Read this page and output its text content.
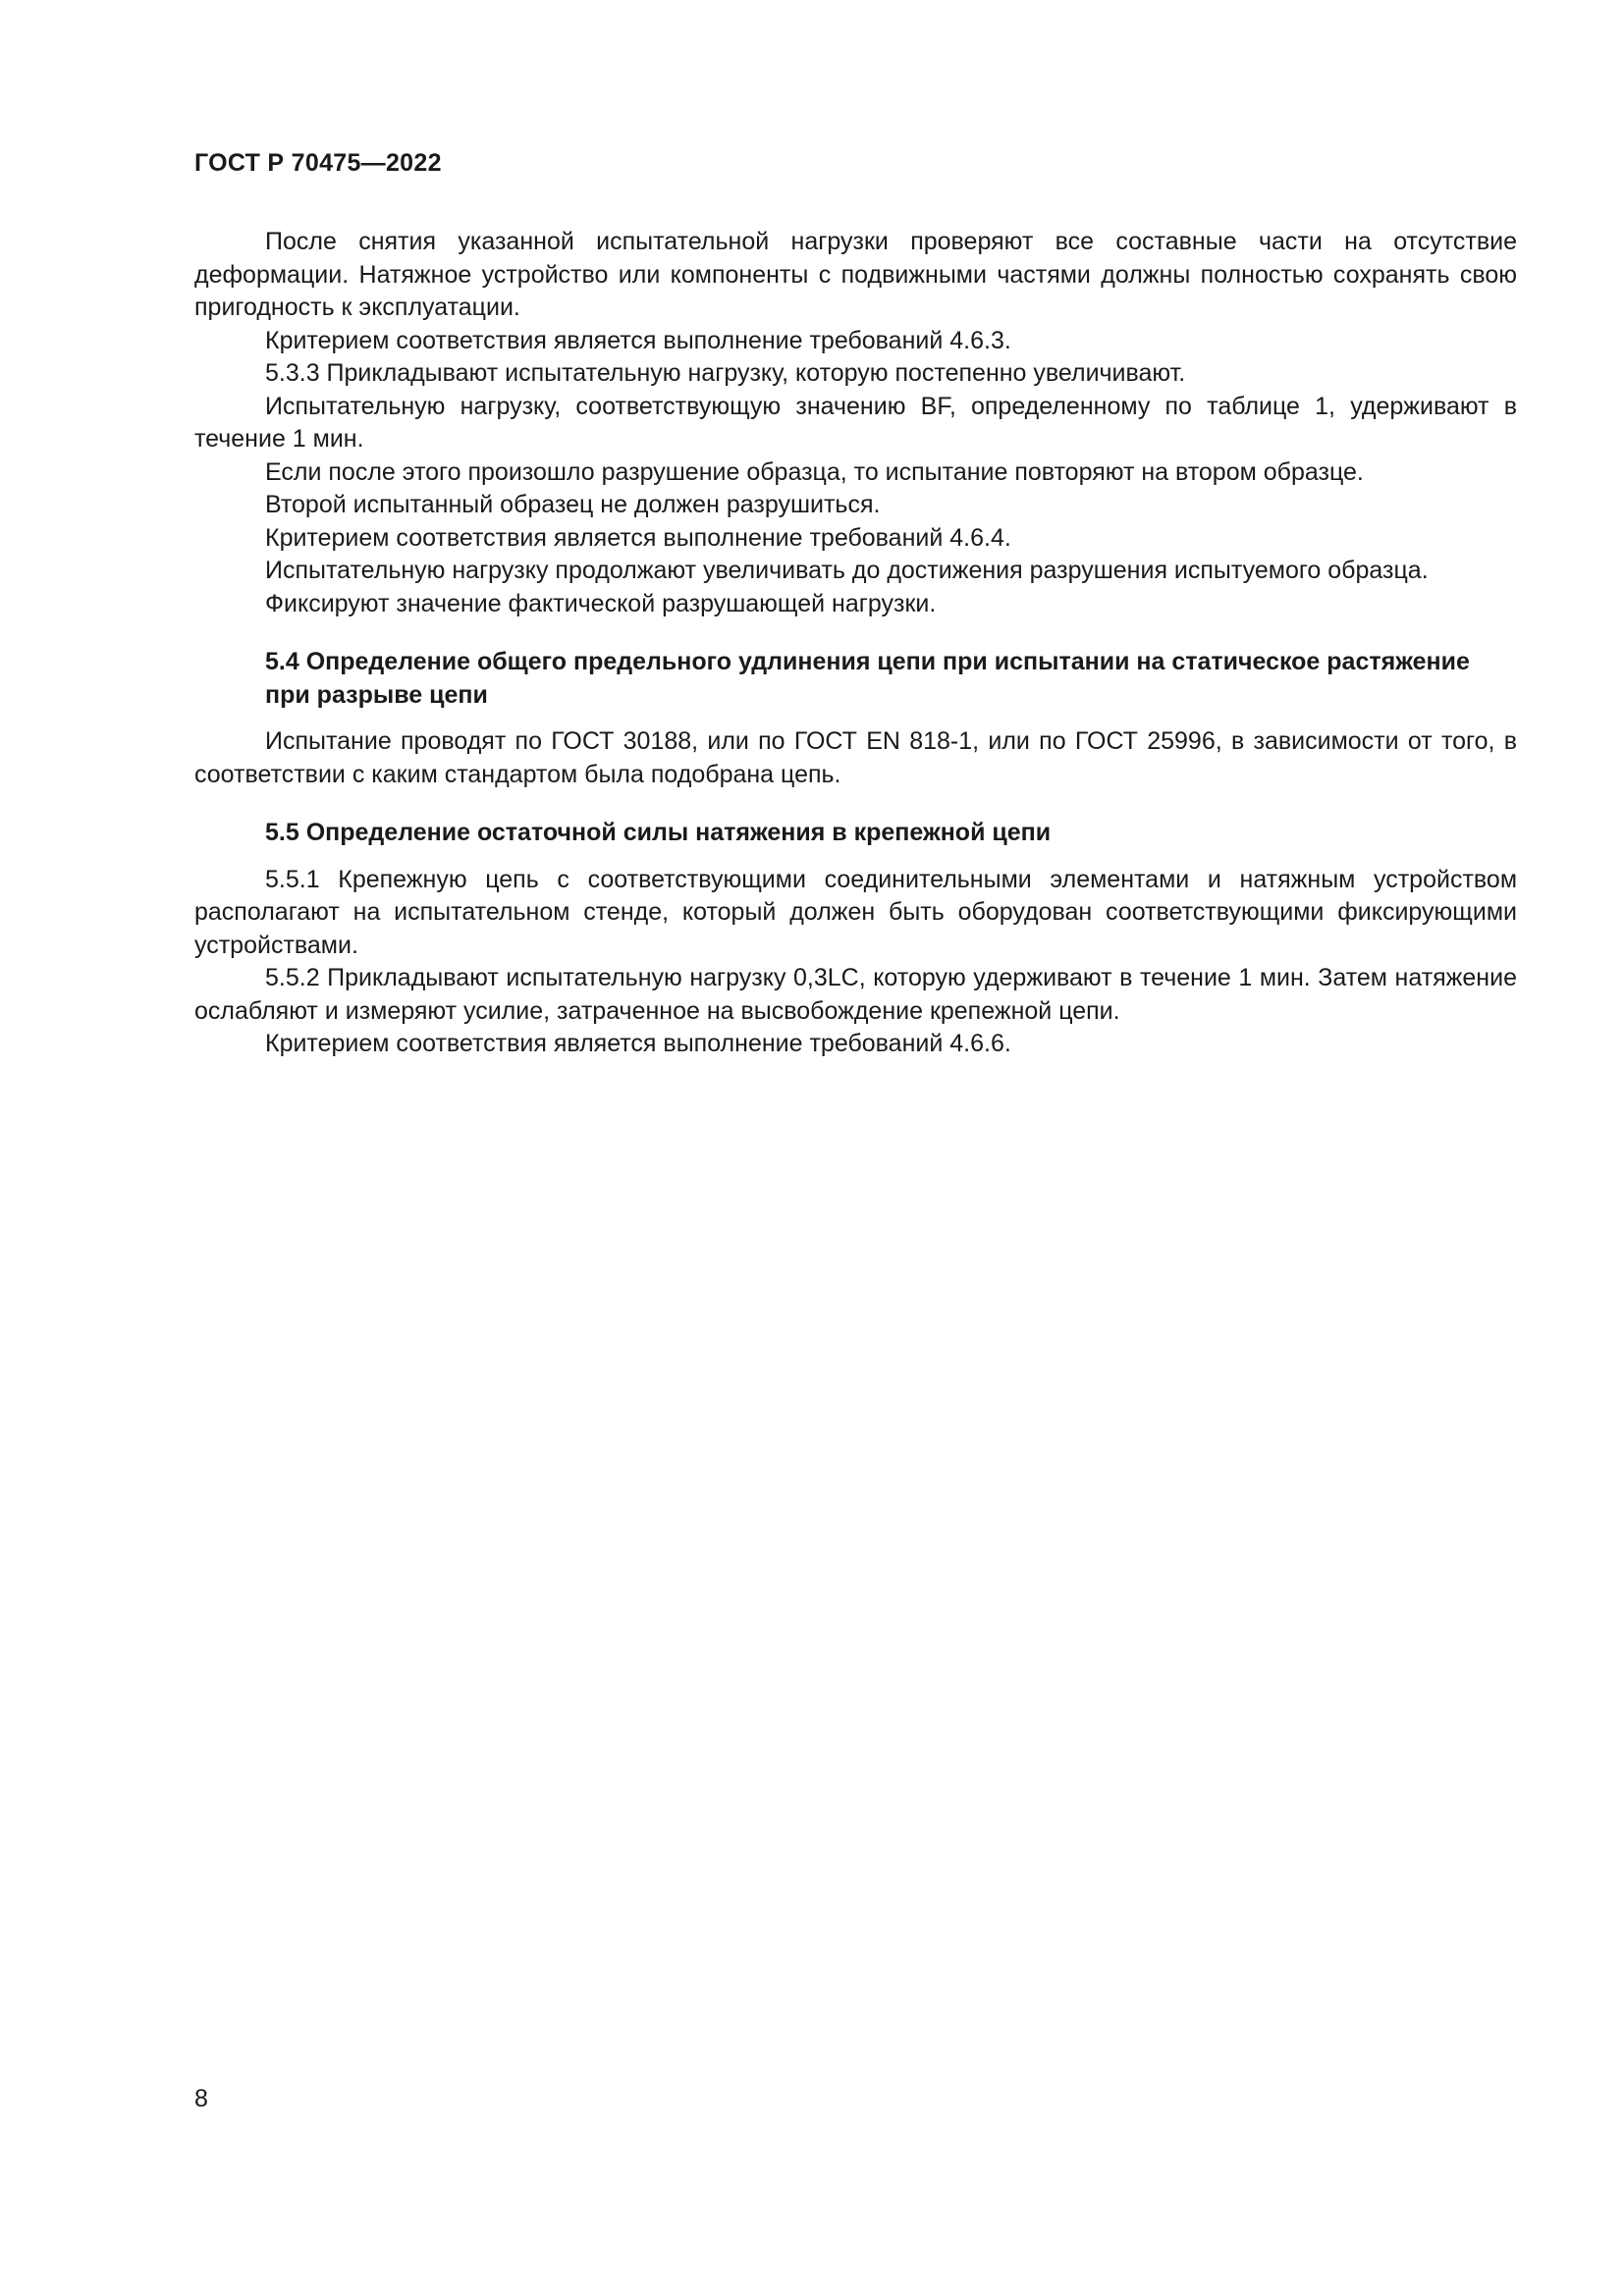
ГОСТ Р 70475—2022

После снятия указанной испытательной нагрузки проверяют все составные части на отсутствие деформации. Натяжное устройство или компоненты с подвижными частями должны полностью сохранять свою пригодность к эксплуатации.

Критерием соответствия является выполнение требований 4.6.3.

5.3.3 Прикладывают испытательную нагрузку, которую постепенно увеличивают.

Испытательную нагрузку, соответствующую значению BF, определенному по таблице 1, удерживают в течение 1 мин.

Если после этого произошло разрушение образца, то испытание повторяют на втором образце.

Второй испытанный образец не должен разрушиться.

Критерием соответствия является выполнение требований 4.6.4.

Испытательную нагрузку продолжают увеличивать до достижения разрушения испытуемого образца.

Фиксируют значение фактической разрушающей нагрузки.

5.4 Определение общего предельного удлинения цепи при испытании на статическое растяжение при разрыве цепи

Испытание проводят по ГОСТ 30188, или по ГОСТ EN 818-1, или по ГОСТ 25996, в зависимости от того, в соответствии с каким стандартом была подобрана цепь.

5.5 Определение остаточной силы натяжения в крепежной цепи

5.5.1 Крепежную цепь с соответствующими соединительными элементами и натяжным устройством располагают на испытательном стенде, который должен быть оборудован соответствующими фиксирующими устройствами.

5.5.2 Прикладывают испытательную нагрузку 0,3LC, которую удерживают в течение 1 мин. Затем натяжение ослабляют и измеряют усилие, затраченное на высвобождение крепежной цепи.

Критерием соответствия является выполнение требований 4.6.6.

8
